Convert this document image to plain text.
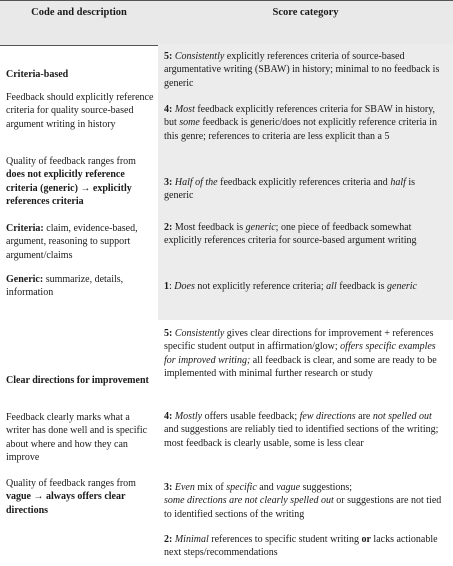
Code and description	Score category
Criteria-based
Feedback should explicitly reference criteria for quality source-based argument writing in history
Quality of feedback ranges from does not explicitly reference criteria (generic) → explicitly references criteria
Criteria: claim, evidence-based, argument, reasoning to support argument/claims
Generic: summarize, details, information
5: Consistently explicitly references criteria of source-based argumentative writing (SBAW) in history; minimal to no feedback is generic
4: Most feedback explicitly references criteria for SBAW in history, but some feedback is generic/does not explicitly reference criteria in this genre; references to criteria are less explicit than a 5
3: Half of the feedback explicitly references criteria and half is generic
2: Most feedback is generic; one piece of feedback somewhat explicitly references criteria for source-based argument writing
1: Does not explicitly reference criteria; all feedback is generic
Clear directions for improvement
Feedback clearly marks what a writer has done well and is specific about where and how they can improve
Quality of feedback ranges from vague → always offers clear directions
5: Consistently gives clear directions for improvement + references specific student output in affirmation/glow; offers specific examples for improved writing; all feedback is clear, and some are ready to be implemented with minimal further research or study
4: Mostly offers usable feedback; few directions are not spelled out and suggestions are reliably tied to identified sections of the writing; most feedback is clearly usable, some is less clear
3: Even mix of specific and vague suggestions;
some directions are not clearly spelled out or suggestions are not tied to identified sections of the writing
2: Minimal references to specific student writing or lacks actionable next steps/recommendations
